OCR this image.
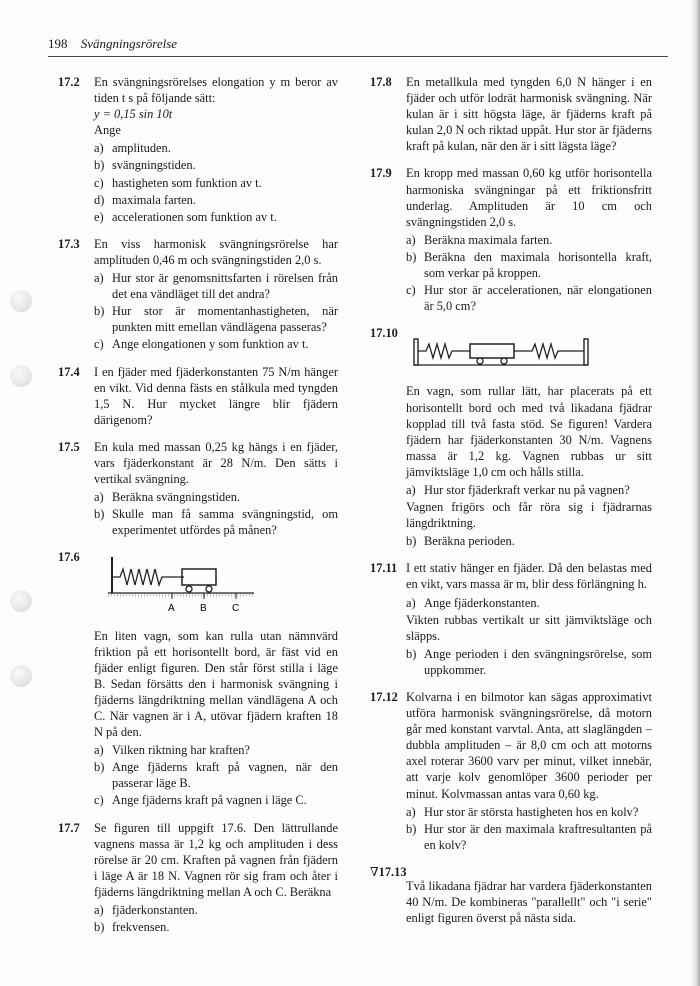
198 Svängningsrörelse
17.2 En svängningsrörelses elongation y m beror av tiden t s på följande sätt:

y = 0,15 sin 10t

Ange

a) amplituden.
b) svängningstiden.
c) hastigheten som funktion av t.
d) maximala farten.
e) accelerationen som funktion av t.
17.3 En viss harmonisk svängningsrörelse har amplituden 0,46 m och svängningstiden 2,0 s.

a) Hur stor är genomsnittsfarten i rörelsen från det ena vändläget till det andra?
b) Hur stor är momentanhastigheten, när punkten mitt emellan vändlägena passeras?
c) Ange elongationen y som funktion av t.
17.4 I en fjäder med fjäderkonstanten 75 N/m hänger en vikt. Vid denna fästs en stålkula med tyngden 1,5 N. Hur mycket längre blir fjädern därigenom?

17.5 En kula med massan 0,25 kg hängs i en fjäder, vars fjäderkonstant är 28 N/m. Den sätts i vertikal svängning.

a) Beräkna svängningstiden.
b) Skulle man få samma svängningstid, om experimentet utfördes på månen?
17.6
A	B	C

En liten vagn, som kan rulla utan nämnvärd friktion på ett horisontellt bord, är fäst vid en fjäder enligt figuren. Den står först stilla i läge B. Sedan försätts den i harmonisk svängning i fjäderns längdriktning mellan vändlägena A och C. När vagnen är i A, utövar fjädern kraften 18 N på den.

a) Vilken riktning har kraften?
b) Ange fjäderns kraft på vagnen, när den passerar läge B.
c) Ange fjäderns kraft på vagnen i läge C.
17.7 Se figuren till uppgift 17.6. Den lättrullande vagnens massa är 1,2 kg och amplituden i dess rörelse är 20 cm. Kraften på vagnen från fjädern i läge A är 18 N. Vagnen rör sig fram och åter i fjäderns längdriktning mellan A och C. Beräkna

a) fjäderkonstanten.
b) frekvensen.
17.8 En metallkula med tyngden 6,0 N hänger i en fjäder och utför lodrät harmonisk svängning. När kulan är i sitt högsta läge, är fjäderns kraft på kulan 2,0 N och riktad uppåt. Hur stor är fjäderns kraft på kulan, när den är i sitt lägsta läge?

17.9 En kropp med massan 0,60 kg utför horisontella harmoniska svängningar på ett friktionsfritt underlag. Amplituden är 10 cm och svängningstiden 2,0 s.

a) Beräkna maximala farten.
b) Beräkna den maximala horisontella kraft, som verkar på kroppen.
c) Hur stor är accelerationen, när elongationen är 5,0 cm?
17.10

En vagn, som rullar lätt, har placerats på ett horisontellt bord och med två likadana fjädrar kopplad till två fasta stöd. Se figuren! Vardera fjädern har fjäderkonstanten 30 N/m. Vagnens massa är 1,2 kg. Vagnen rubbas ur sitt jämviktsläge 1,0 cm och hålls stilla.

a) Hur stor fjäderkraft verkar nu på vagnen?

Vagnen frigörs och får röra sig i fjädrarnas längdriktning.

b) Beräkna perioden.
17.11 I ett stativ hänger en fjäder. Då den belastas med en vikt, vars massa är m, blir dess förlängning h.

a) Ange fjäderkonstanten.

Vikten rubbas vertikalt ur sitt jämviktsläge och släpps.

b) Ange perioden i den svängningsrörelse, som uppkommer.
17.12 Kolvarna i en bilmotor kan sägas approximativt utföra harmonisk svängningsrörelse, då motorn går med konstant varvtal. Anta, att slaglängden – dubbla amplituden – är 8,0 cm och att motorns axel roterar 3600 varv per minut, vilket innebär, att varje kolv genomlöper 3600 perioder per minut. Kolvmassan antas vara 0,60 kg.

a) Hur stor är största hastigheten hos en kolv?
b) Hur stor är den maximala kraftresultanten på en kolv?
∇17.13

Två likadana fjädrar har vardera fjäderkonstanten 40 N/m. De kombineras "parallellt" och "i serie" enligt figuren överst på nästa sida.
